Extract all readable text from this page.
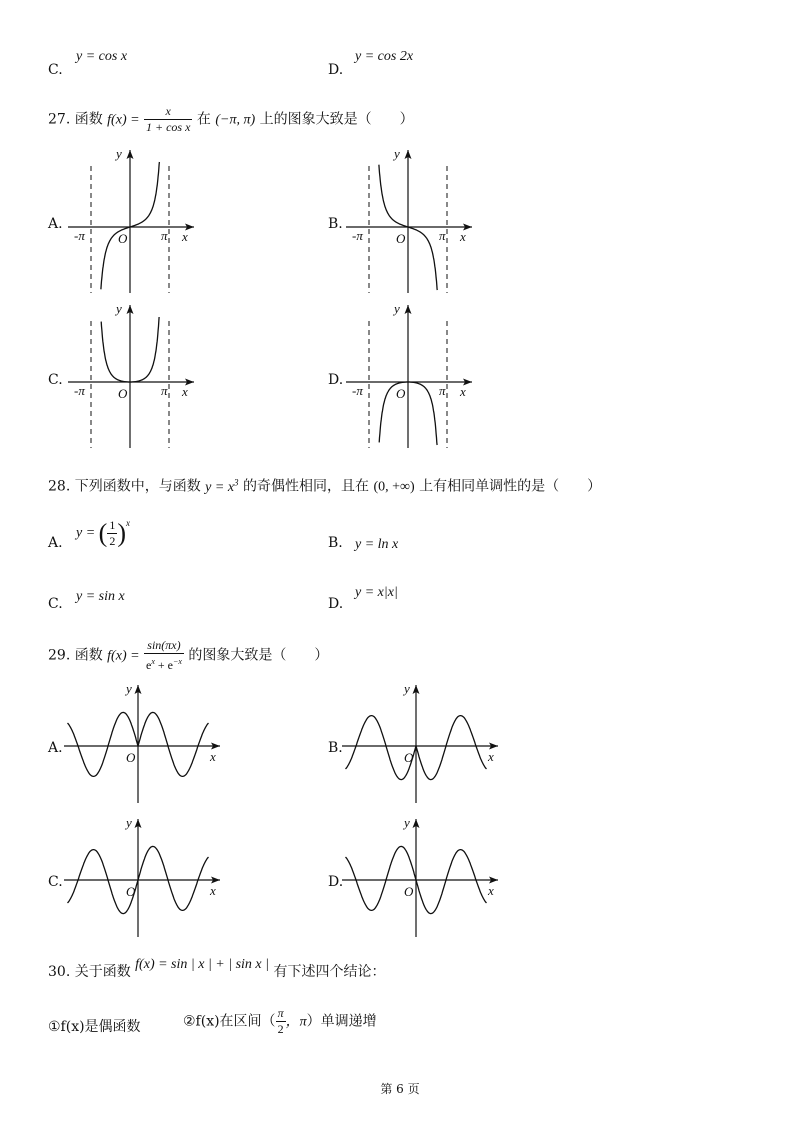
C.
y = cos x
D.
y = cos 2x
27. 函数 $f(x) = \frac{x}{\text{1 + cos x}}$ 在 (−π, π) 上的图象大致是（　　）
A.	B.
C.	D.
y
x
O
-π	π
y
x
O
-π	π
y
x
O
-π	π
y
x
O
-π	π
28. 下列函数中，与函数 $y = x^3$ 的奇偶性相同，且在 (0, +∞) 上有相同单调性的是（　　）
A.
y = ( $\frac{1}{2} )^x$
B. y = ln x
C. y = sin x	D.
y = x|x|
29. 函数 $f(x) = \frac{\sin(\pi x)}{e^x + e^{-x}}$ 的图象大致是（　　）
A.	B.
C.	D.
y
x
O
y
x
O
y
x
O
y
x
O
30. 关于函数 f(x) = sin | x | + | sin x | 有下述四个结论：
①f(x)是偶函数	②f(x)在区间（ $\frac{\pi}{2}$ ，π）单调递增
第 6 页
